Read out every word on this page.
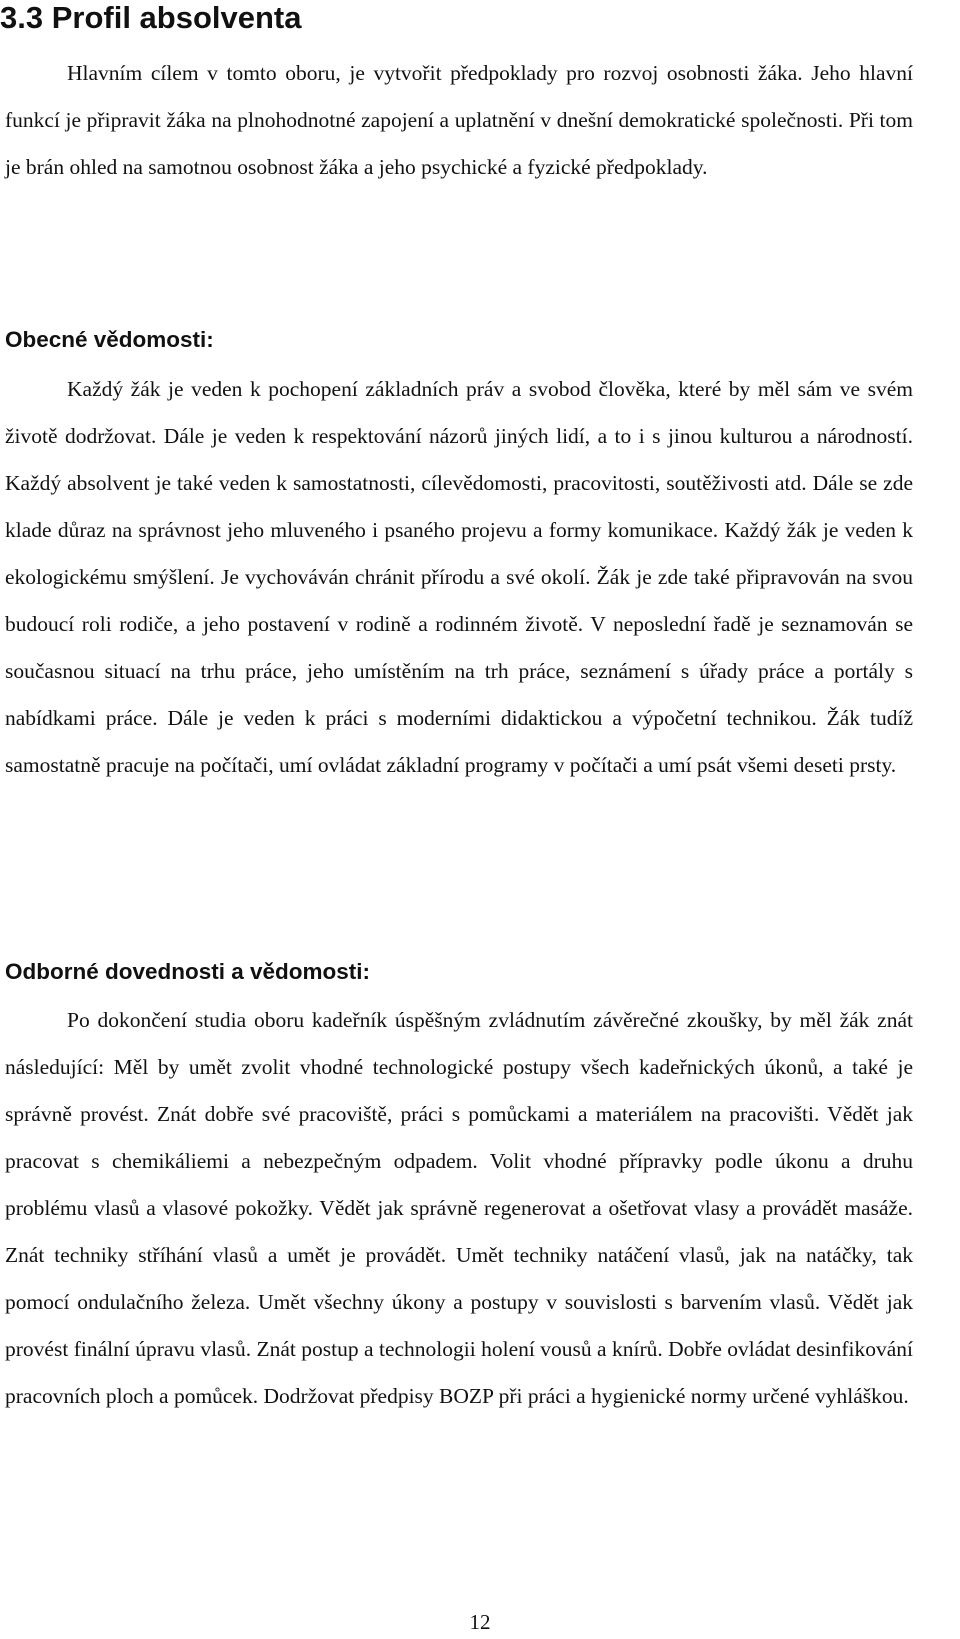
3.3 Profil absolventa

Hlavním cílem v tomto oboru, je vytvořit předpoklady pro rozvoj osobnosti žáka. Jeho hlavní funkcí je připravit žáka na plnohodnotné zapojení a uplatnění v dnešní demokratické společnosti. Při tom je brán ohled na samotnou osobnost žáka a jeho psychické a fyzické předpoklady.

Obecné vědomosti:

Každý žák je veden k pochopení základních práv a svobod člověka, které by měl sám ve svém životě dodržovat. Dále je veden k respektování názorů jiných lidí, a to i s jinou kulturou a národností. Každý absolvent je také veden k samostatnosti, cílevědomosti, pracovitosti, soutěživosti atd. Dále se zde klade důraz na správnost jeho mluveného i psaného projevu a formy komunikace. Každý žák je veden k ekologickému smýšlení. Je vychováván chránit přírodu a své okolí. Žák je zde také připravován na svou budoucí roli rodiče, a jeho postavení v rodině a rodinném životě. V neposlední řadě je seznamován se současnou situací na trhu práce, jeho umístěním na trh práce, seznámení s úřady práce a portály s nabídkami práce. Dále je veden k práci s moderními didaktickou a výpočetní technikou. Žák tudíž samostatně pracuje na počítači, umí ovládat základní programy v počítači a umí psát všemi deseti prsty.

Odborné dovednosti a vědomosti:

Po dokončení studia oboru kadeřník úspěšným zvládnutím závěrečné zkoušky, by měl žák znát následující: Měl by umět zvolit vhodné technologické postupy všech kadeřnických úkonů, a také je správně provést. Znát dobře své pracoviště, práci s pomůckami a materiálem na pracovišti. Vědět jak pracovat s chemikáliemi a nebezpečným odpadem. Volit vhodné přípravky podle úkonu a druhu problému vlasů a vlasové pokožky. Vědět jak správně regenerovat a ošetřovat vlasy a provádět masáže. Znát techniky stříhání vlasů a umět je provádět. Umět techniky natáčení vlasů, jak na natáčky, tak pomocí ondulačního železa. Umět všechny úkony a postupy v souvislosti s barvením vlasů. Vědět jak provést finální úpravu vlasů. Znát postup a technologii holení vousů a knírů. Dobře ovládat desinfikování pracovních ploch a pomůcek. Dodržovat předpisy BOZP při práci a hygienické normy určené vyhláškou.

12
